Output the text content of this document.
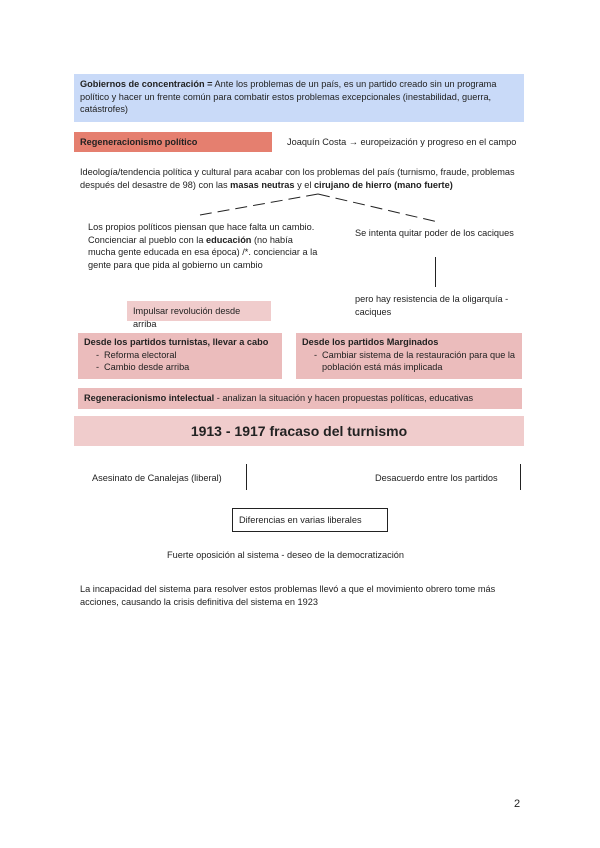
Gobiernos de concentración = Ante los problemas de un país, es un partido creado sin un programa político y hacer un frente común para combatir estos problemas excepcionales (inestabilidad, guerra, catástrofes)
Regeneracionismo político	Joaquín Costa → europeización y progreso en el campo
Ideología/tendencia política y cultural para acabar con los problemas del país (turnismo, fraude, problemas después del desastre de 98) con las masas neutras y el cirujano de hierro (mano fuerte)
Los propios políticos piensan que hace falta un cambio. Concienciar al pueblo con la educación (no había mucha gente educada en esa época) /*. concienciar a la gente para que pida al gobierno un cambio
Se intenta quitar poder de los caciques
Impulsar revolución desde arriba
pero hay resistencia de la oligarquía - caciques
Desde los partidos turnistas, llevar a cabo
- Reforma electoral
- Cambio desde arriba
Desde los partidos Marginados
- Cambiar sistema de la restauración para que la población está más implicada
Regeneracionismo intelectual - analizan la situación y hacen propuestas políticas, educativas
1913 - 1917 fracaso del turnismo
Asesinato de Canalejas (liberal)	Desacuerdo entre los partidos
Diferencias en varias liberales
Fuerte oposición al sistema - deseo de la democratización
La incapacidad del sistema para resolver estos problemas llevó a que el movimiento obrero tome más acciones, causando la crisis definitiva del sistema en 1923
2
